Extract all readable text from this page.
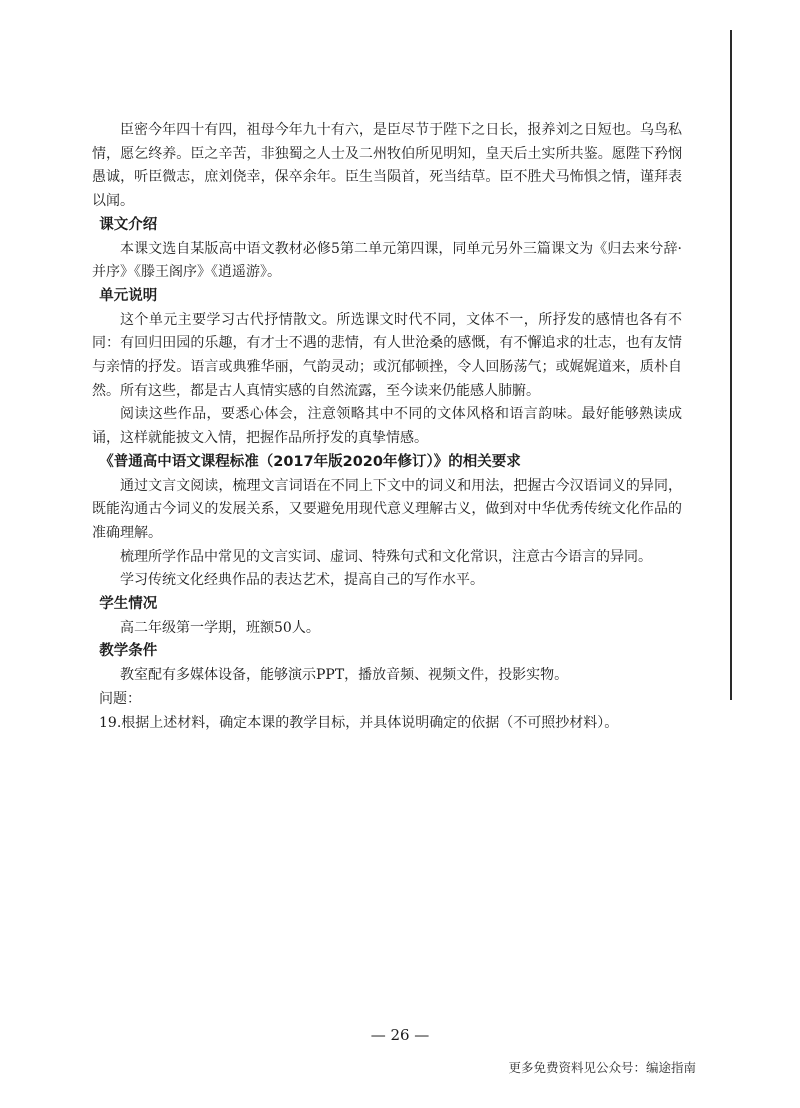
臣密今年四十有四，祖母今年九十有六，是臣尽节于陛下之日长，报养刘之日短也。乌鸟私情，愿乞终养。臣之辛苦，非独蜀之人士及二州牧伯所见明知，皇天后土实所共鉴。愿陛下矜悯愚诚，听臣微志，庶刘侥幸，保卒余年。臣生当陨首，死当结草。臣不胜犬马怖惧之情，谨拜表以闻。

课文介绍

本课文选自某版高中语文教材必修5第二单元第四课，同单元另外三篇课文为《归去来兮辞·并序》《滕王阁序》《逍遥游》。

单元说明

这个单元主要学习古代抒情散文。所选课文时代不同，文体不一，所抒发的感情也各有不同：有回归田园的乐趣，有才士不遇的悲情，有人世沧桑的感慨，有不懈追求的壮志，也有友情与亲情的抒发。语言或典雅华丽，气韵灵动；或沉郁顿挫，令人回肠荡气；或娓娓道来，质朴自然。所有这些，都是古人真情实感的自然流露，至今读来仍能感人肺腑。

阅读这些作品，要悉心体会，注意领略其中不同的文体风格和语言韵味。最好能够熟读成诵，这样就能披文入情，把握作品所抒发的真挚情感。

《普通高中语文课程标准（2017年版2020年修订）》的相关要求

通过文言文阅读，梳理文言词语在不同上下文中的词义和用法，把握古今汉语词义的异同，既能沟通古今词义的发展关系，又要避免用现代意义理解古义，做到对中华优秀传统文化作品的准确理解。

梳理所学作品中常见的文言实词、虚词、特殊句式和文化常识，注意古今语言的异同。

学习传统文化经典作品的表达艺术，提高自己的写作水平。

学生情况

高二年级第一学期，班额50人。

教学条件

教室配有多媒体设备，能够演示PPT，播放音频、视频文件，投影实物。

问题：

19.根据上述材料，确定本课的教学目标，并具体说明确定的依据（不可照抄材料）。

— 26 —
更多免费资料见公众号：编途指南
